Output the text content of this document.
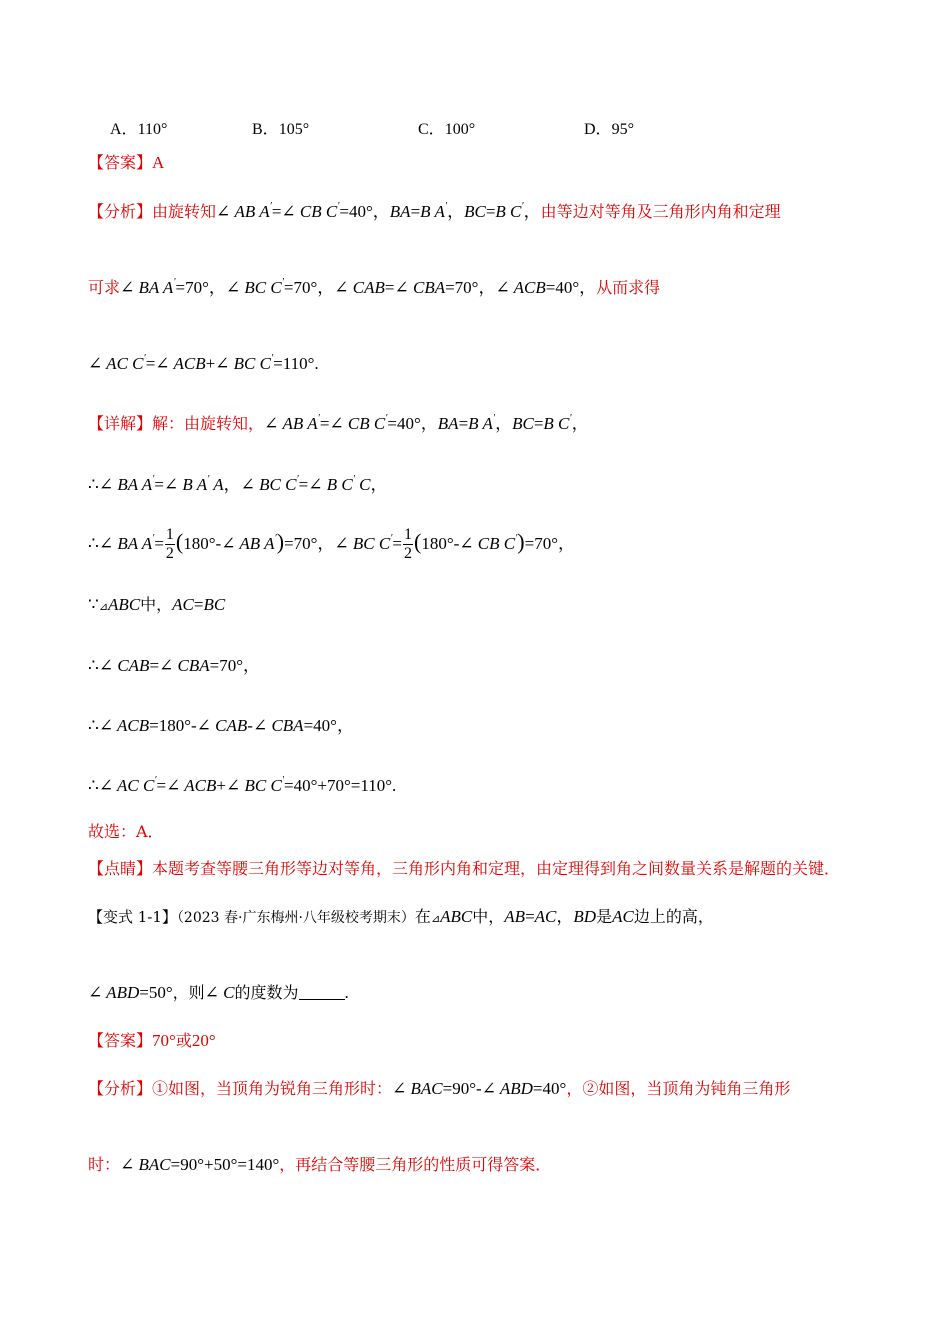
A．110°	B．105°	C．100°	D．95°
【答案】A
【分析】由旋转知∠ AB A′=∠ CB C′=40°，BA=B A′，BC=B C′，由等边对等角及三角形内角和定理
可求∠ BA A′=70°，∠ BC C′=70°，∠ CAB=∠ CBA=70°，∠ ACB=40°，从而求得
∠ AC C′=∠ ACB+∠ BC C′=110°.
【详解】解：由旋转知，∠ AB A′=∠ CB C′=40°，BA=B A′，BC=B C′，
∴∠ BA A′=∠ B A′ A，∠ BC C′=∠ B C′ C，
∴∠ BA $A'= \frac{1}{2}$ (180°-∠ AB A′)=70°，∠ BC $C'= \frac{1}{2}$ (180°-∠ CB C′)=70°，
∵⊿ABC中，AC=BC
∴∠ CAB=∠ CBA=70°，
∴∠ ACB=180°-∠ CAB-∠ CBA=40°，
∴∠ AC C′=∠ ACB+∠ BC C′=40°+70°=110°.
故选：A．
【点睛】本题考查等腰三角形等边对等角，三角形内角和定理，由定理得到角之间数量关系是解题的关键．
【变式 1-1】（2023 春·广东梅州·八年级校考期末）在⊿ABC中，AB=AC，BD是AC边上的高，
∠ ABD=50°，则∠ C的度数为	.
【答案】70°或20°
【分析】①如图，当顶角为锐角三角形时：∠ BAC=90°-∠ ABD=40°，②如图，当顶角为钝角三角形
时：∠ BAC=90°+50°=140°，再结合等腰三角形的性质可得答案．
